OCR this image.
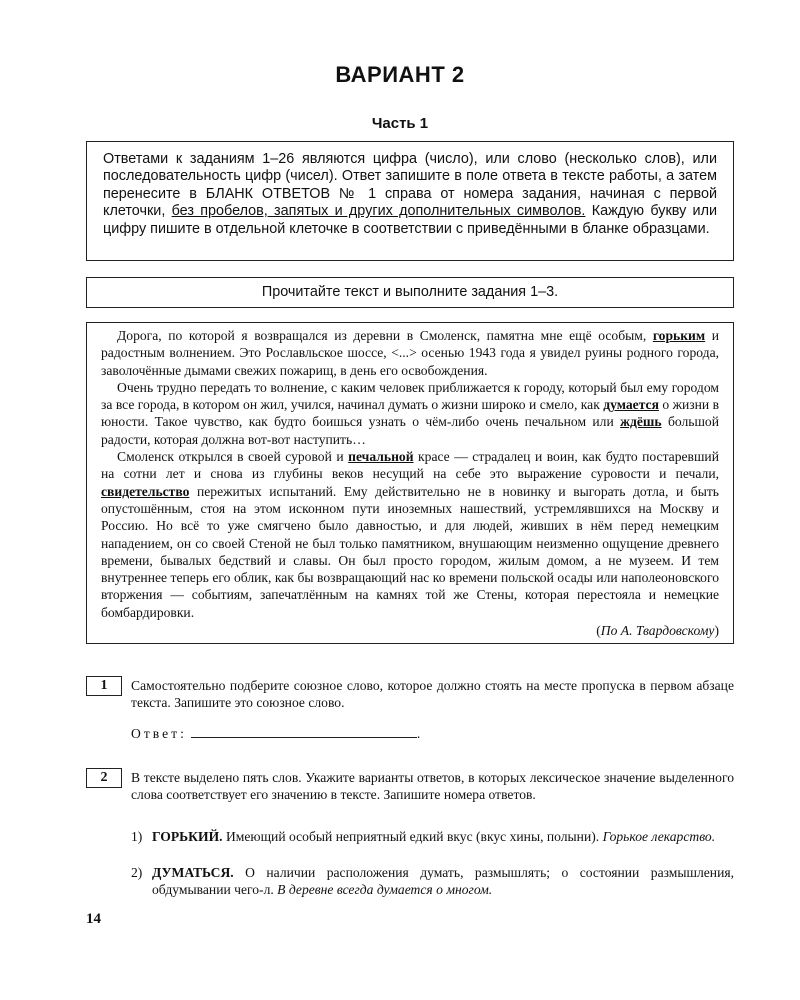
ВАРИАНТ 2
Часть 1

Ответами к заданиям 1–26 являются цифра (число), или слово (несколько слов), или последовательность цифр (чисел). Ответ запишите в поле ответа в тексте работы, а затем перенесите в БЛАНК ОТВЕТОВ № 1 справа от номера задания, начиная с первой клеточки, без пробелов, запятых и других дополнительных символов. Каждую букву или цифру пишите в отдельной клеточке в соответствии с приведёнными в бланке образцами.

Прочитайте текст и выполните задания 1–3.

Дорога, по которой я возвращался из деревни в Смоленск, памятна мне ещё особым, горьким и радостным волнением. Это Рославльское шоссе, <...> осенью 1943 года я увидел руины родного города, заволочённые дымами свежих пожарищ, в день его освобождения.

Очень трудно передать то волнение, с каким человек приближается к городу, который был ему городом за все города, в котором он жил, учился, начинал думать о жизни широко и смело, как думается о жизни в юности. Такое чувство, как будто боишься узнать о чём-либо очень печальном или ждёшь большой радости, которая должна вот-вот наступить…

Смоленск открылся в своей суровой и печальной красе — страдалец и воин, как будто постаревший на сотни лет и снова из глубины веков несущий на себе это выражение суровости и печали, свидетельство пережитых испытаний. Ему действительно не в новинку и выгорать дотла, и быть опустошённым, стоя на этом исконном пути иноземных нашествий, устремлявшихся на Москву и Россию. Но всё то уже смягчено было давностью, и для людей, живших в нём перед немецким нападением, он со своей Стеной не был только памятником, внушающим неизменно ощущение древнего времени, бывалых бедствий и славы. Он был просто городом, жилым домом, а не музеем. И тем внутреннее теперь его облик, как бы возвращающий нас ко времени польской осады или наполеоновского вторжения — событиям, запечатлённым на камнях той же Стены, которая перестояла и немецкие бомбардировки.

(По А. Твардовскому)
1	Самостоятельно подберите союзное слово, которое должно стоять на месте пропуска в первом абзаце текста. Запишите это союзное слово.

Ответ:	.
2	В тексте выделено пять слов. Укажите варианты ответов, в которых лексическое значение выделенного слова соответствует его значению в тексте. Запишите номера ответов.

1) ГОРЬКИЙ. Имеющий особый неприятный едкий вкус (вкус хины, полыни). Горькое лекарство.
2) ДУМАТЬСЯ. О наличии расположения думать, размышлять; о состоянии размышления, обдумывании чего-л. В деревне всегда думается о многом.
14
